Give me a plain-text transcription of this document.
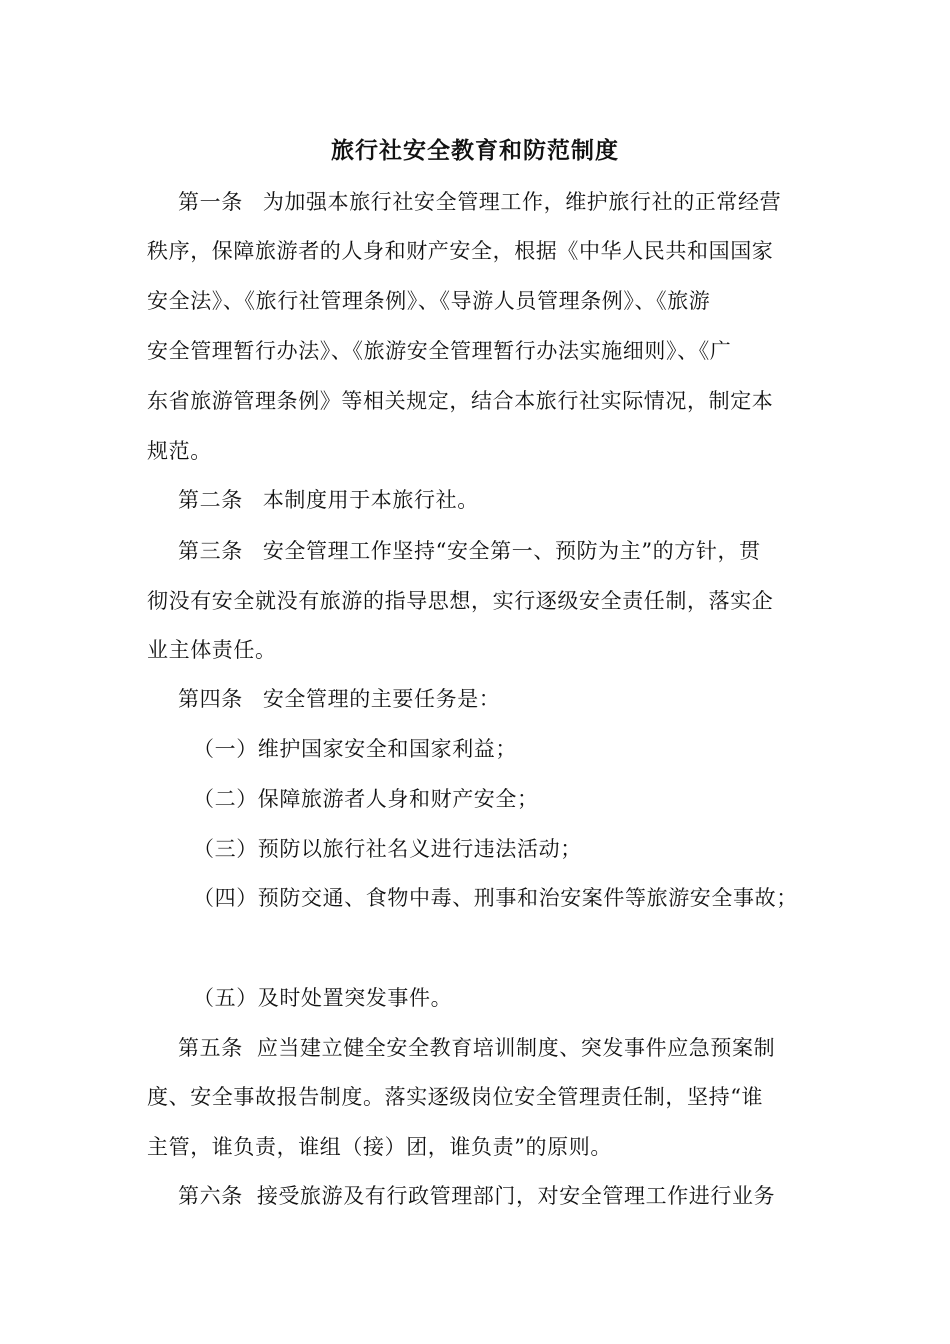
旅行社安全教育和防范制度
第一条 为加强本旅行社安全管理工作，维护旅行社的正常经营
秩序，保障旅游者的人身和财产安全，根据《中华人民共和国国家
安全法》、《旅行社管理条例》、《导游人员管理条例》、《旅游
安全管理暂行办法》、《旅游安全管理暂行办法实施细则》、《广
东省旅游管理条例》等相关规定，结合本旅行社实际情况，制定本
规范。
第二条 本制度用于本旅行社。
第三条 安全管理工作坚持“安全第一、预防为主”的方针，贯
彻没有安全就没有旅游的指导思想，实行逐级安全责任制，落实企
业主体责任。
第四条 安全管理的主要任务是：
（一）维护国家安全和国家利益；
（二）保障旅游者人身和财产安全；
（三）预防以旅行社名义进行违法活动；
（四）预防交通、食物中毒、刑事和治安案件等旅游安全事故；
（五）及时处置突发事件。
第五条 应当建立健全安全教育培训制度、突发事件应急预案制
度、安全事故报告制度。落实逐级岗位安全管理责任制，坚持“谁
主管，谁负责，谁组（接）团，谁负责”的原则。
第六条 接受旅游及有行政管理部门，对安全管理工作进行业务
